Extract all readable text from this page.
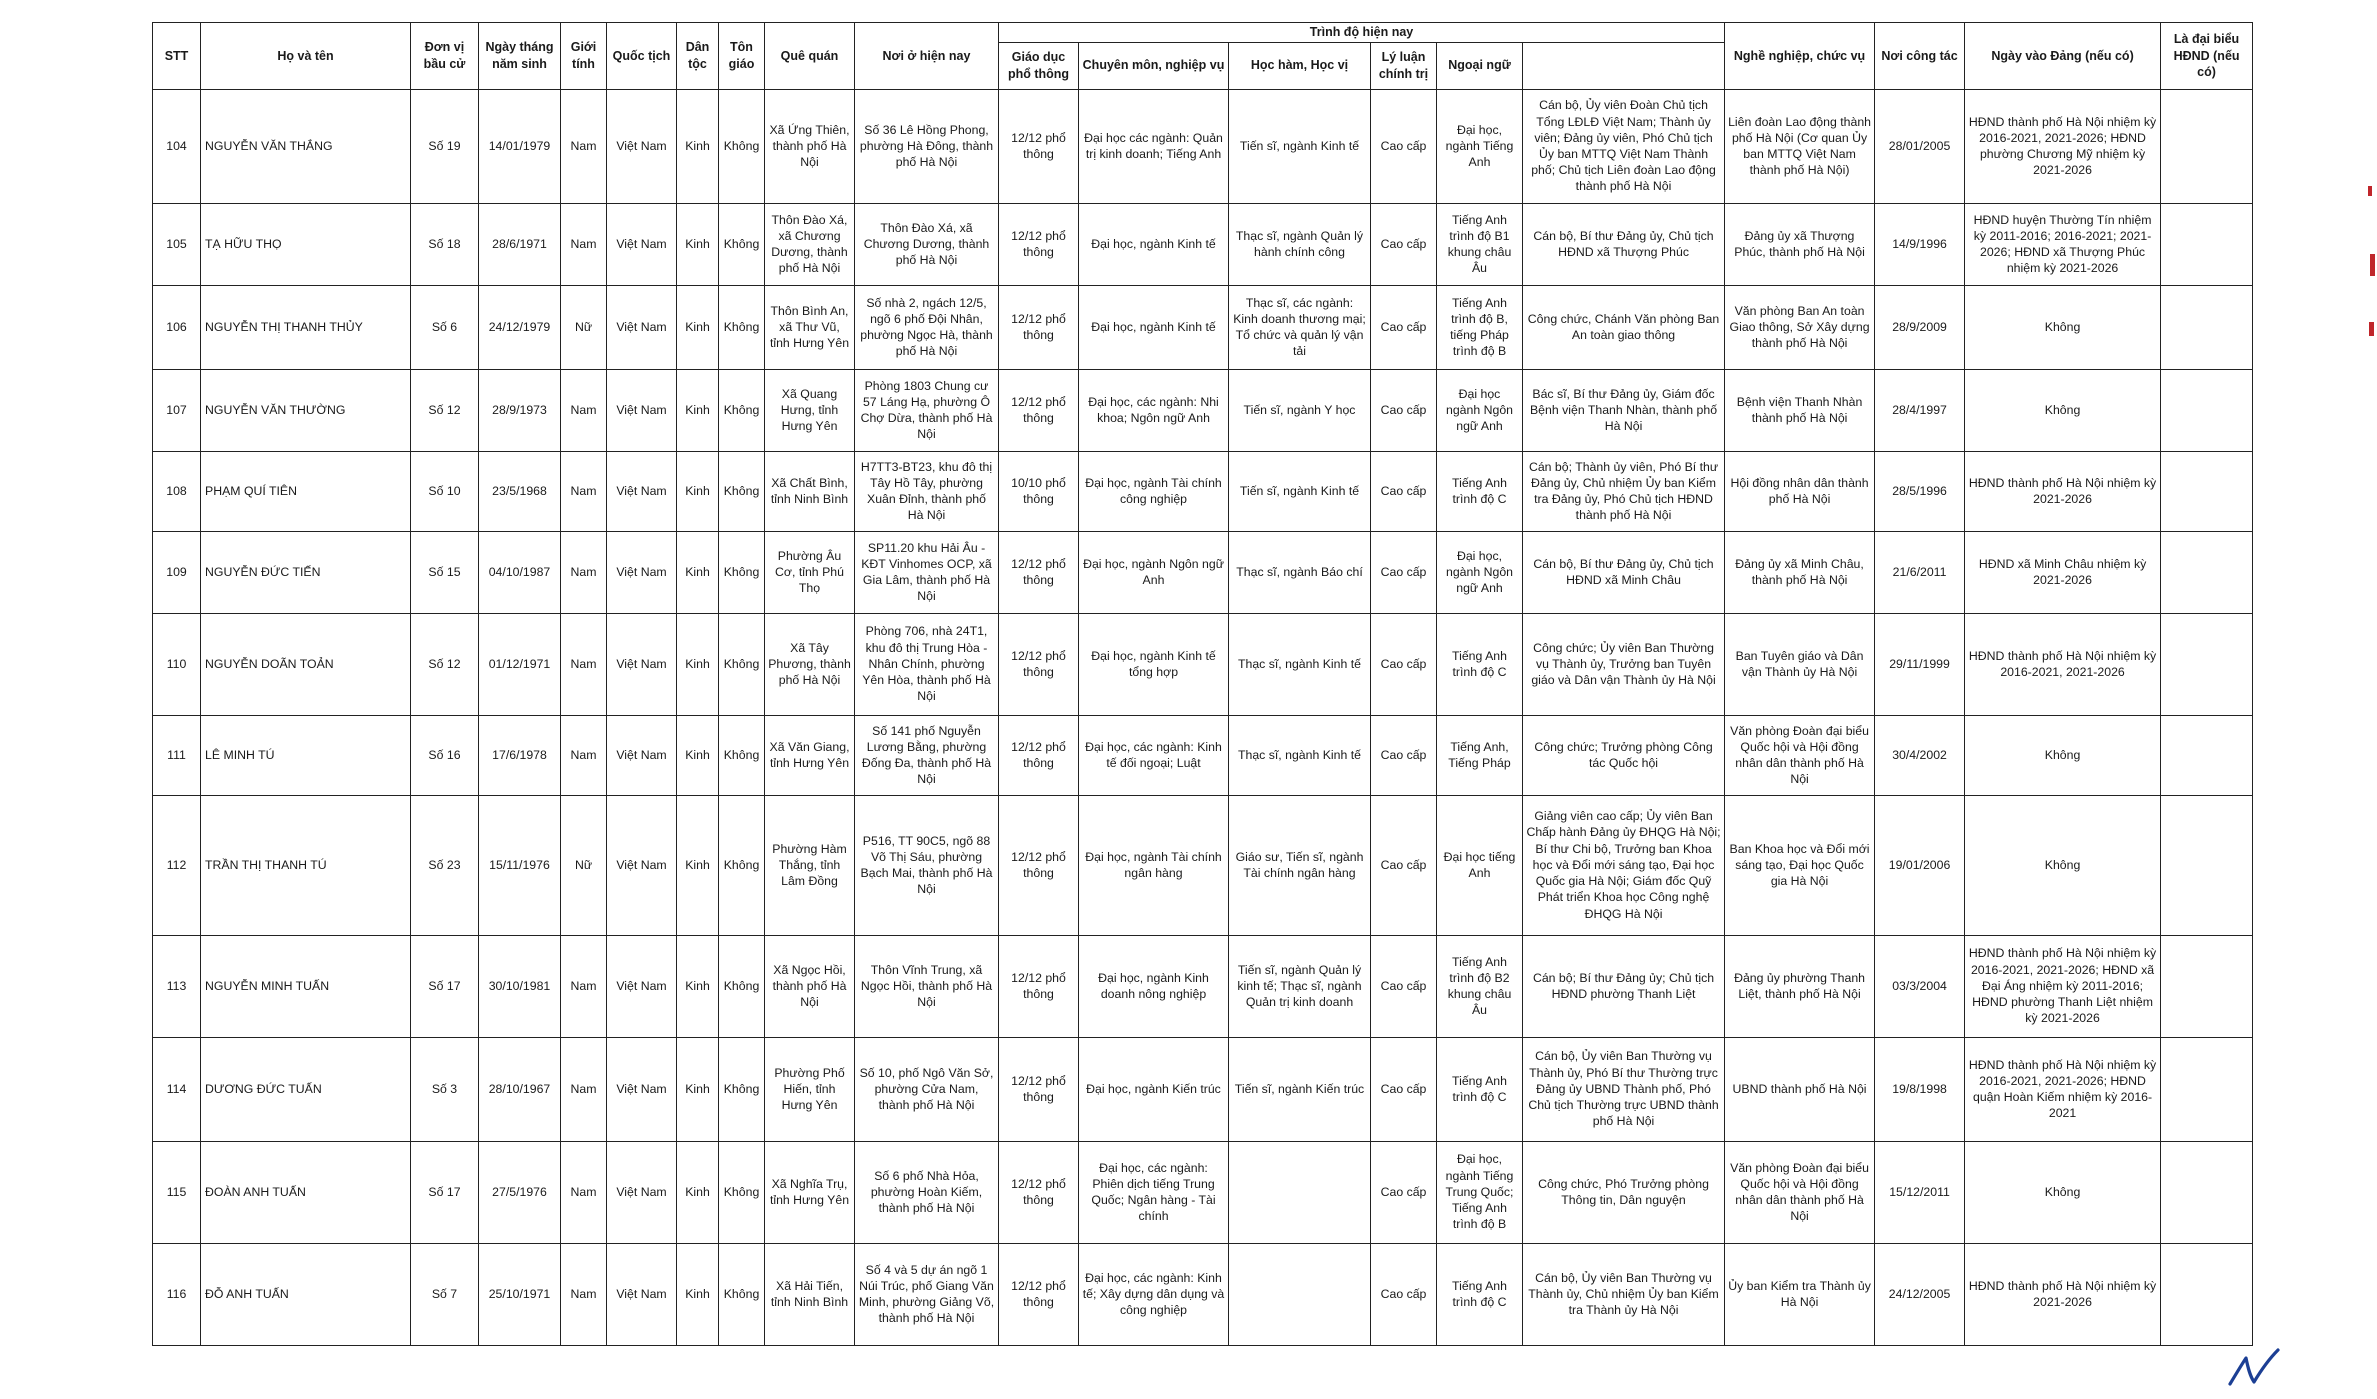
STT	Họ và tên	Đơn vị bầu cử	Ngày tháng năm sinh	Giới tính	Quốc tịch	Dân tộc	Tôn giáo	Quê quán	Nơi ở hiện nay	Trình độ hiện nay						Nghề nghiệp, chức vụ	Nơi công tác	Ngày vào Đảng (nếu có)	Là đại biểu HĐND (nếu có)	
										Giáo dục phổ thông	Chuyên môn, nghiệp vụ	Học hàm, Học vị	Lý luận chính trị	Ngoại ngữ						
104	NGUYỄN VĂN THẮNG	Số 19	14/01/1979	Nam	Việt Nam	Kinh	Không	Xã Ứng Thiên, thành phố Hà Nội	Số 36 Lê Hồng Phong, phường Hà Đông, thành phố Hà Nội	12/12 phổ thông	Đại học các ngành: Quản trị kinh doanh; Tiếng Anh	Tiến sĩ, ngành Kinh tế	Cao cấp	Đại học, ngành Tiếng Anh	Cán bộ, Ủy viên Đoàn Chủ tịch Tổng LĐLĐ Việt Nam; Thành ủy viên; Đảng ủy viên, Phó Chủ tịch Ủy ban MTTQ Việt Nam Thành phố; Chủ tịch Liên đoàn Lao động thành phố Hà Nội	Liên đoàn Lao động thành phố Hà Nội (Cơ quan Ủy ban MTTQ Việt Nam thành phố Hà Nội)	28/01/2005	HĐND thành phố Hà Nội nhiệm kỳ 2016-2021, 2021-2026; HĐND phường Chương Mỹ nhiệm kỳ 2021-2026		
105	TẠ HỮU THỌ	Số 18	28/6/1971	Nam	Việt Nam	Kinh	Không	Thôn Đào Xá, xã Chương Dương, thành phố Hà Nội	Thôn Đào Xá, xã Chương Dương, thành phố Hà Nội	12/12 phổ thông	Đại học, ngành Kinh tế	Thạc sĩ, ngành Quản lý hành chính công	Cao cấp	Tiếng Anh trình độ B1 khung châu Âu	Cán bộ, Bí thư Đảng ủy, Chủ tịch HĐND xã Thượng Phúc	Đảng ủy xã Thượng Phúc, thành phố Hà Nội	14/9/1996	HĐND huyện Thường Tín nhiệm kỳ 2011-2016; 2016-2021; 2021-2026; HĐND xã Thượng Phúc nhiệm kỳ 2021-2026		
106	NGUYỄN THỊ THANH THỦY	Số 6	24/12/1979	Nữ	Việt Nam	Kinh	Không	Thôn Bình An, xã Thư Vũ, tỉnh Hưng Yên	Số nhà 2, ngách 12/5, ngõ 6 phố Đội Nhân, phường Ngọc Hà, thành phố Hà Nội	12/12 phổ thông	Đại học, ngành Kinh tế	Thạc sĩ, các ngành: Kinh doanh thương mại; Tổ chức và quản lý vận tải	Cao cấp	Tiếng Anh trình độ B, tiếng Pháp trình độ B	Công chức, Chánh Văn phòng Ban An toàn giao thông	Văn phòng Ban An toàn Giao thông, Sở Xây dựng thành phố Hà Nội	28/9/2009	Không		
107	NGUYỄN VĂN THƯỜNG	Số 12	28/9/1973	Nam	Việt Nam	Kinh	Không	Xã Quang Hưng, tỉnh Hưng Yên	Phòng 1803 Chung cư 57 Láng Hạ, phường Ô Chợ Dừa, thành phố Hà Nội	12/12 phổ thông	Đại học, các ngành: Nhi khoa; Ngôn ngữ Anh	Tiến sĩ, ngành Y học	Cao cấp	Đại học ngành Ngôn ngữ Anh	Bác sĩ, Bí thư Đảng ủy, Giám đốc Bệnh viện Thanh Nhàn, thành phố Hà Nội	Bệnh viện Thanh Nhàn thành phố Hà Nội	28/4/1997	Không		
108	PHẠM QUÍ TIÊN	Số 10	23/5/1968	Nam	Việt Nam	Kinh	Không	Xã Chất Bình, tỉnh Ninh Bình	H7TT3-BT23, khu đô thị Tây Hồ Tây, phường Xuân Đỉnh, thành phố Hà Nội	10/10 phổ thông	Đại học, ngành Tài chính công nghiệp	Tiến sĩ, ngành Kinh tế	Cao cấp	Tiếng Anh trình độ C	Cán bộ; Thành ủy viên, Phó Bí thư Đảng ủy, Chủ nhiệm Ủy ban Kiểm tra Đảng ủy, Phó Chủ tịch HĐND thành phố Hà Nội	Hội đồng nhân dân thành phố Hà Nội	28/5/1996	HĐND thành phố Hà Nội nhiệm kỳ 2021-2026		
109	NGUYỄN ĐỨC TIẾN	Số 15	04/10/1987	Nam	Việt Nam	Kinh	Không	Phường Âu Cơ, tỉnh Phú Thọ	SP11.20 khu Hải Âu - KĐT Vinhomes OCP, xã Gia Lâm, thành phố Hà Nội	12/12 phổ thông	Đại học, ngành Ngôn ngữ Anh	Thạc sĩ, ngành Báo chí	Cao cấp	Đại học, ngành Ngôn ngữ Anh	Cán bộ, Bí thư Đảng ủy, Chủ tịch HĐND xã Minh Châu	Đảng ủy xã Minh Châu, thành phố Hà Nội	21/6/2011	HĐND xã Minh Châu nhiệm kỳ 2021-2026		
110	NGUYỄN DOÃN TOẢN	Số 12	01/12/1971	Nam	Việt Nam	Kinh	Không	Xã Tây Phương, thành phố Hà Nội	Phòng 706, nhà 24T1, khu đô thị Trung Hòa - Nhân Chính, phường Yên Hòa, thành phố Hà Nội	12/12 phổ thông	Đại học, ngành Kinh tế tổng hợp	Thạc sĩ, ngành Kinh tế	Cao cấp	Tiếng Anh trình độ C	Công chức; Ủy viên Ban Thường vụ Thành ủy, Trưởng ban Tuyên giáo và Dân vận Thành ủy Hà Nội	Ban Tuyên giáo và Dân vận Thành ủy Hà Nội	29/11/1999	HĐND thành phố Hà Nội nhiệm kỳ 2016-2021, 2021-2026		
111	LÊ MINH TÚ	Số 16	17/6/1978	Nam	Việt Nam	Kinh	Không	Xã Văn Giang, tỉnh Hưng Yên	Số 141 phố Nguyễn Lương Bằng, phường Đống Đa, thành phố Hà Nội	12/12 phổ thông	Đại học, các ngành: Kinh tế đối ngoại; Luật	Thạc sĩ, ngành Kinh tế	Cao cấp	Tiếng Anh, Tiếng Pháp	Công chức; Trưởng phòng Công tác Quốc hội	Văn phòng Đoàn đại biểu Quốc hội và Hội đồng nhân dân thành phố Hà Nội	30/4/2002	Không		
112	TRẦN THỊ THANH TÚ	Số 23	15/11/1976	Nữ	Việt Nam	Kinh	Không	Phường Hàm Thắng, tỉnh Lâm Đồng	P516, TT 90C5, ngõ 88 Võ Thị Sáu, phường Bạch Mai, thành phố Hà Nội	12/12 phổ thông	Đại học, ngành Tài chính ngân hàng	Giáo sư, Tiến sĩ, ngành Tài chính ngân hàng	Cao cấp	Đại học tiếng Anh	Giảng viên cao cấp; Ủy viên Ban Chấp hành Đảng ủy ĐHQG Hà Nội; Bí thư Chi bộ, Trưởng ban Khoa học và Đổi mới sáng tạo, Đại học Quốc gia Hà Nội; Giám đốc Quỹ Phát triển Khoa học Công nghệ ĐHQG Hà Nội	Ban Khoa học và Đổi mới sáng tạo, Đại học Quốc gia Hà Nội	19/01/2006	Không		
113	NGUYỄN MINH TUẤN	Số 17	30/10/1981	Nam	Việt Nam	Kinh	Không	Xã Ngọc Hồi, thành phố Hà Nội	Thôn Vĩnh Trung, xã Ngọc Hồi, thành phố Hà Nội	12/12 phổ thông	Đại học, ngành Kinh doanh nông nghiệp	Tiến sĩ, ngành Quản lý kinh tế; Thạc sĩ, ngành Quản trị kinh doanh	Cao cấp	Tiếng Anh trình độ B2 khung châu Âu	Cán bộ; Bí thư Đảng ủy; Chủ tịch HĐND phường Thanh Liệt	Đảng ủy phường Thanh Liệt, thành phố Hà Nội	03/3/2004	HĐND thành phố Hà Nội nhiệm kỳ 2016-2021, 2021-2026; HĐND xã Đại Áng nhiệm kỳ 2011-2016; HĐND phường Thanh Liệt nhiệm kỳ 2021-2026		
114	DƯƠNG ĐỨC TUẤN	Số 3	28/10/1967	Nam	Việt Nam	Kinh	Không	Phường Phố Hiến, tỉnh Hưng Yên	Số 10, phố Ngô Văn Sở, phường Cửa Nam, thành phố Hà Nội	12/12 phổ thông	Đại học, ngành Kiến trúc	Tiến sĩ, ngành Kiến trúc	Cao cấp	Tiếng Anh trình độ C	Cán bộ, Ủy viên Ban Thường vụ Thành ủy, Phó Bí thư Thường trực Đảng ủy UBND Thành phố, Phó Chủ tịch Thường trực UBND thành phố Hà Nội	UBND thành phố Hà Nội	19/8/1998	HĐND thành phố Hà Nội nhiệm kỳ 2016-2021, 2021-2026; HĐND quận Hoàn Kiếm nhiệm kỳ 2016-2021		
115	ĐOÀN ANH TUẤN	Số 17	27/5/1976	Nam	Việt Nam	Kinh	Không	Xã Nghĩa Trụ, tỉnh Hưng Yên	Số 6 phố Nhà Hỏa, phường Hoàn Kiếm, thành phố Hà Nội	12/12 phổ thông	Đại học, các ngành: Phiên dịch tiếng Trung Quốc; Ngân hàng - Tài chính		Cao cấp	Đại học, ngành Tiếng Trung Quốc; Tiếng Anh trình độ B	Công chức, Phó Trưởng phòng Thông tin, Dân nguyện	Văn phòng Đoàn đại biểu Quốc hội và Hội đồng nhân dân thành phố Hà Nội	15/12/2011	Không		
116	ĐỖ ANH TUẤN	Số 7	25/10/1971	Nam	Việt Nam	Kinh	Không	Xã Hải Tiến, tỉnh Ninh Bình	Số 4 và 5 dự án ngõ 1 Núi Trúc, phố Giang Văn Minh, phường Giảng Võ, thành phố Hà Nội	12/12 phổ thông	Đại học, các ngành: Kinh tế; Xây dựng dân dụng và công nghiệp		Cao cấp	Tiếng Anh trình độ C	Cán bộ, Ủy viên Ban Thường vụ Thành ủy, Chủ nhiệm Ủy ban Kiểm tra Thành ủy Hà Nội	Ủy ban Kiểm tra Thành ủy Hà Nội	24/12/2005	HĐND thành phố Hà Nội nhiệm kỳ 2021-2026		
